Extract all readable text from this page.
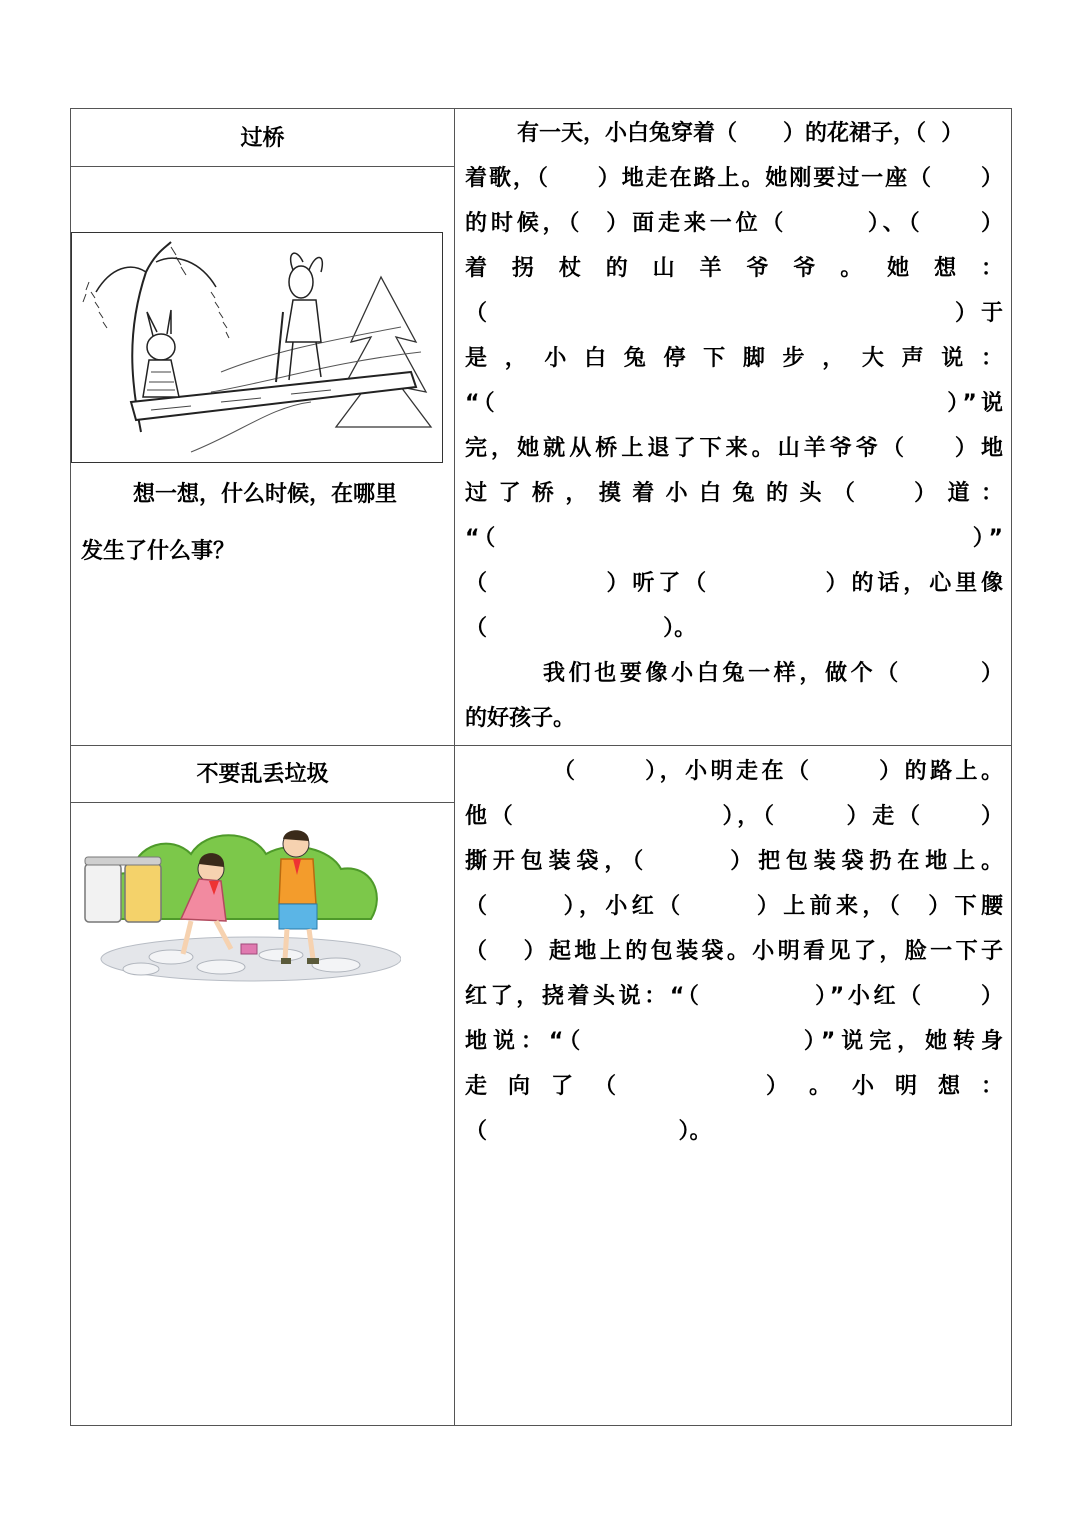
过桥
想一想，什么时候，在哪里
发生了什么事？
有一天，小白兔穿着（      ）的花裙子，（  ）
着歌，（     ）地走在路上。她刚要过一座（     ）
的时候，（  ）面走来一位（       ）、（     ）
着 拐 杖 的 山 羊 爷 爷 。 她 想 ：
（                                        ）于
是 ， 小 白 兔 停 下 脚 步 ， 大 声 说 ：
“（                                      ）”说
完，她就从桥上退了下来。山羊爷爷（    ）地
过 了 桥 ， 摸 着 小 白 兔 的 头 （      ） 道 ：
“（                                      ）”
（          ）听了（          ）的话，心里像
（                       ）。
我们也要像小白兔一样，做个（       ）
的好孩子。
不要乱丢垃圾	（      ），小明走在（      ）的路上。
他（                  ），（      ）走（     ）
撕开包装袋，（      ）把包装袋扔在地上。
（      ），小红（      ）上前来，（  ）下腰
（   ）起地上的包装袋。小明看见了，脸一下子
红了，挠着头说：“（          ）”小红（     ）
地说：“（                ）”说完，她转身
走 向 了 （          ） 。 小 明 想 ：
（                         ）。
